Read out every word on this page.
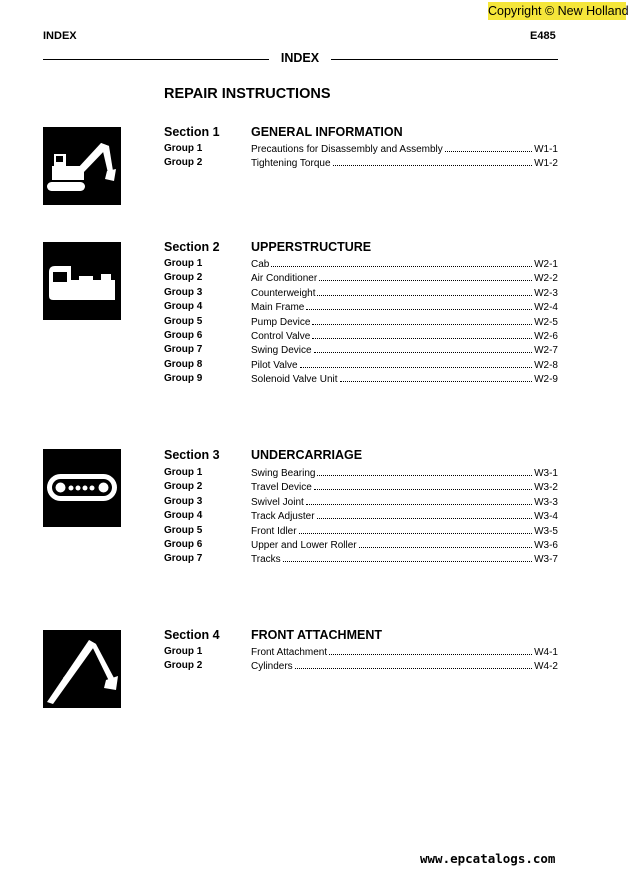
Copyright © New Holland
INDEX	E485
INDEX
REPAIR INSTRUCTIONS
Section 1	GENERAL INFORMATION
Group 1	Precautions for Disassembly and Assembly	W1-1
Group 2	Tightening Torque	W1-2
Section 2	UPPERSTRUCTURE
Group 1	Cab	W2-1
Group 2	Air Conditioner	W2-2
Group 3	Counterweight	W2-3
Group 4	Main Frame	W2-4
Group 5	Pump Device	W2-5
Group 6	Control Valve	W2-6
Group 7	Swing Device	W2-7
Group 8	Pilot Valve	W2-8
Group 9	Solenoid Valve Unit	W2-9
Section 3	UNDERCARRIAGE
Group 1	Swing Bearing	W3-1
Group 2	Travel Device	W3-2
Group 3	Swivel Joint	W3-3
Group 4	Track Adjuster	W3-4
Group 5	Front Idler	W3-5
Group 6	Upper and Lower Roller	W3-6
Group 7	Tracks	W3-7
Section 4	FRONT ATTACHMENT
Group 1	Front Attachment	W4-1
Group 2	Cylinders	W4-2
www.epcatalogs.com
